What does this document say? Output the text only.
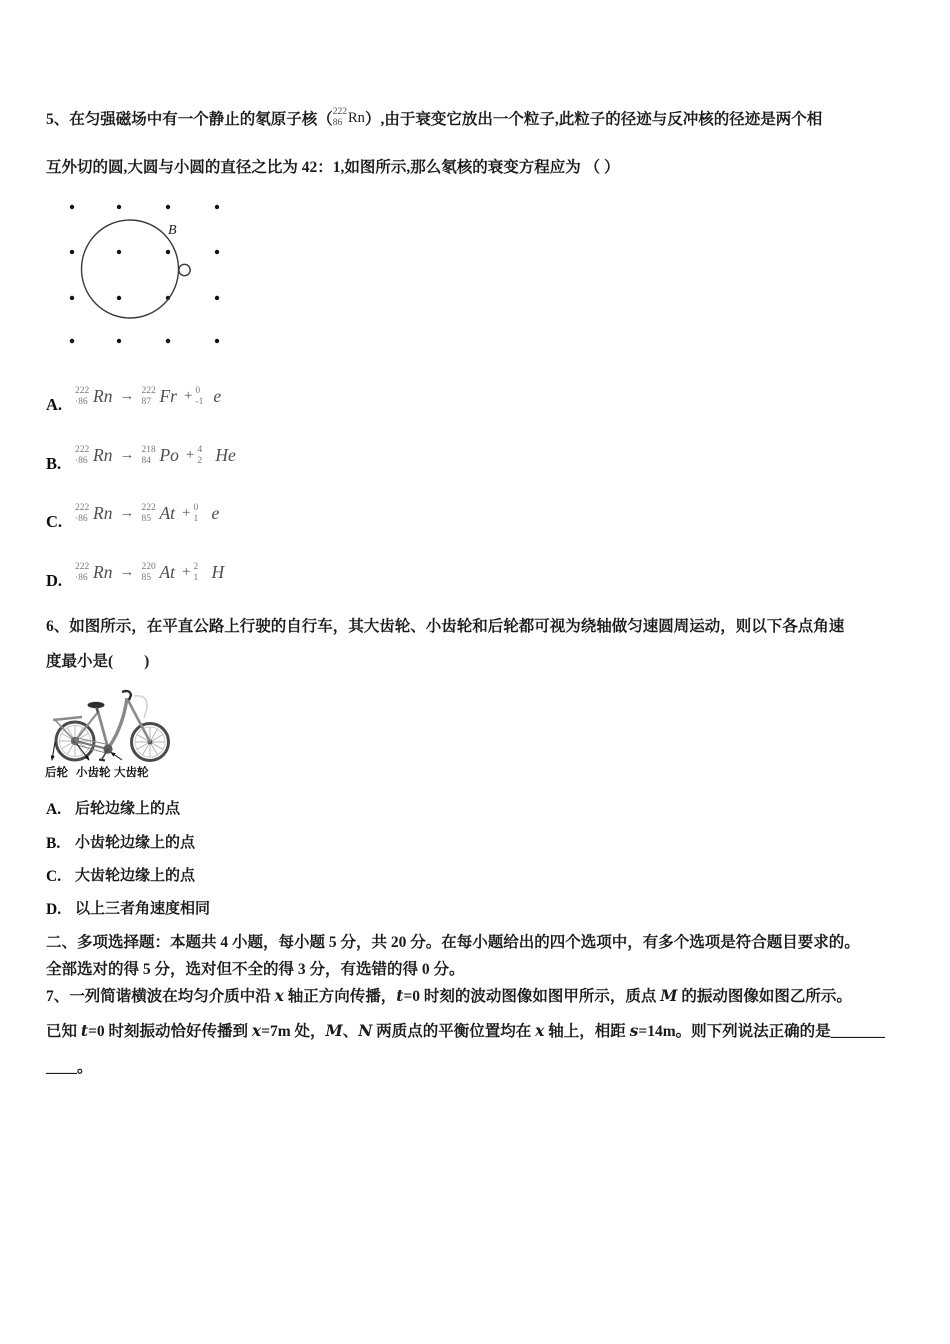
5、在匀强磁场中有一个静止的氡原子核（ 222
86 Rn ）,由于衰变它放出一个粒子,此粒子的径迹与反冲核的径迹是两个相
互外切的圆,大圆与小圆的直径之比为 42：1,如图所示,那么氡核的衰变方程应为 （ ）
B
A.
222
·86 Rn → 222
87 Fr + 0
-1 e
B.
222
·86 Rn → 218
84 Po + 4
2 He
C.
222
·86 Rn → 222
85 At + 0
1 e
D.
222
·86 Rn → 220
85 At + 2
1 H
6、如图所示，在平直公路上行驶的自行车，其大齿轮、小齿轮和后轮都可视为绕轴做匀速圆周运动，则以下各点角速
度最小是(　　)
后轮 小齿轮 大齿轮
A. 后轮边缘上的点
B. 小齿轮边缘上的点
C. 大齿轮边缘上的点
D. 以上三者角速度相同
二、多项选择题：本题共 4 小题，每小题 5 分，共 20 分。在每小题给出的四个选项中，有多个选项是符合题目要求的。
全部选对的得 5 分，选对但不全的得 3 分，有选错的得 0 分。
7、一列简谐横波在均匀介质中沿 x 轴正方向传播，t=0 时刻的波动图像如图甲所示，质点 M 的振动图像如图乙所示。
已知 t=0 时刻振动恰好传播到 x=7m 处，M、N 两质点的平衡位置均在 x 轴上，相距 s=14m。则下列说法正确的是_______
____。
